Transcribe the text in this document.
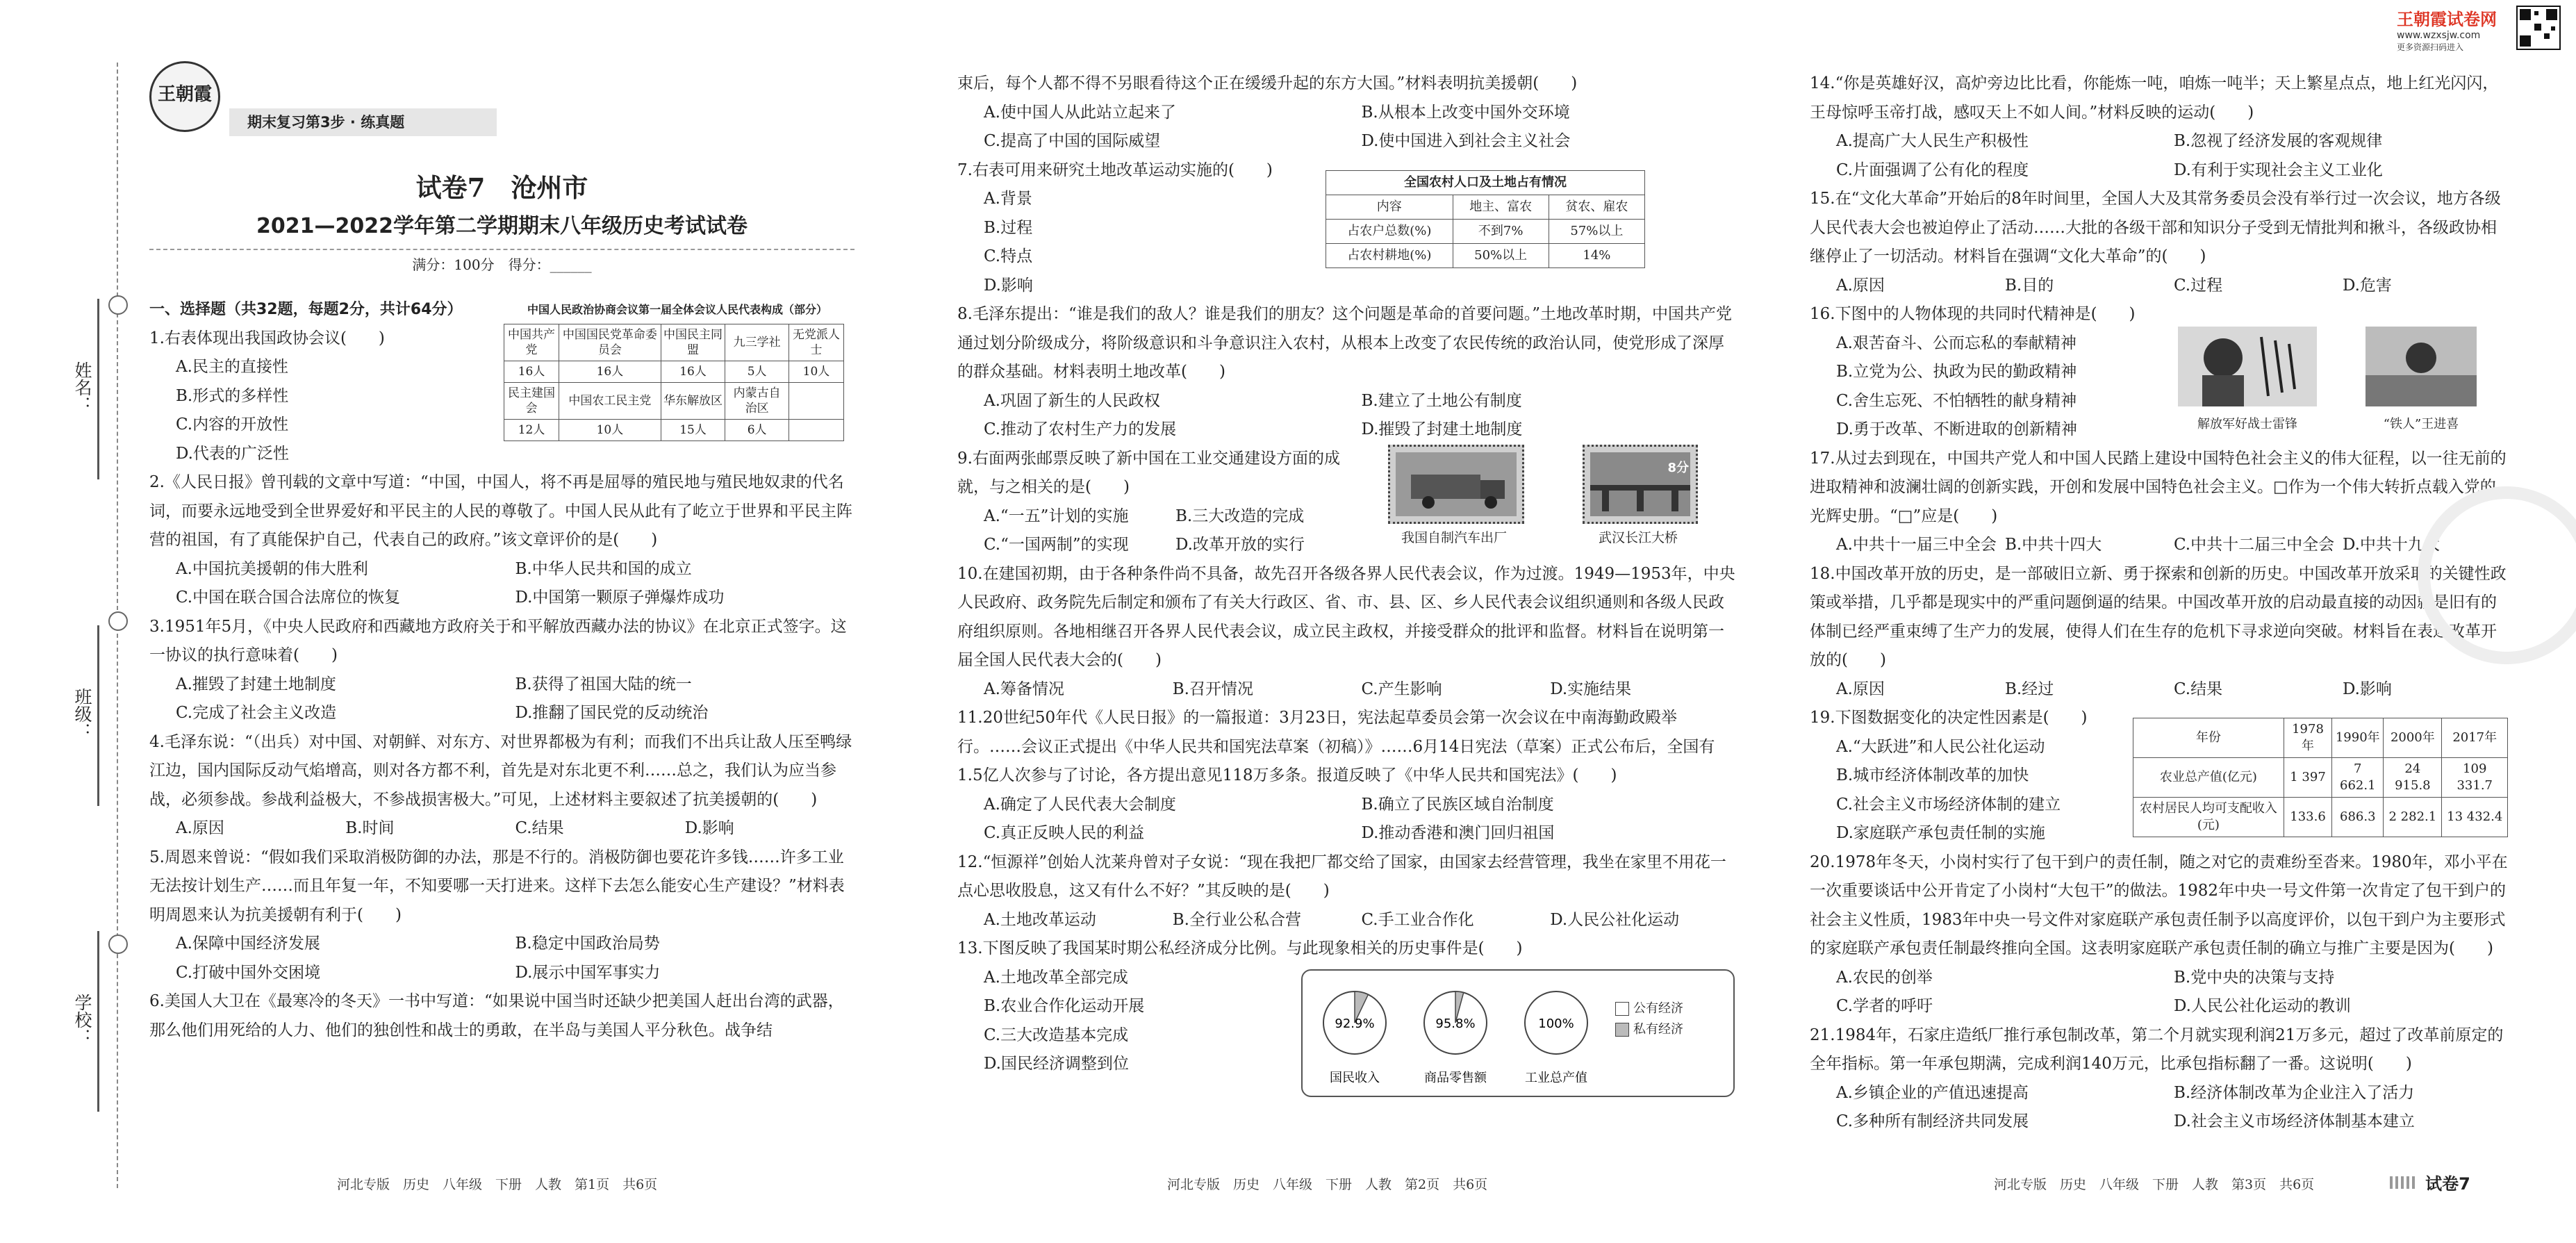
姓名：
班级：
学校：
王朝霞
期末复习第3步 · 练真题
试卷7　沧州市
2021—2022学年第二学期期末八年级历史考试试卷
满分：100分　得分：______
一、选择题（共32题，每题2分，共计64分）

1.右表体现出我国政协会议(　　)

A.民主的直接性
B.形式的多样性
C.内容的开放性
D.代表的广泛性
中国人民政治协商会议第一届全体会议人民代表构成（部分）
中国共产党	中国国民党革命委员会	中国民主同盟	九三学社	无党派人士
16人	16人	16人	5人	10人
民主建国会	中国农工民主党	华东解放区	内蒙古自治区	
12人	10人	15人	6人	

2.《人民日报》曾刊载的文章中写道：“中国，中国人，将不再是屈辱的殖民地与殖民地奴隶的代名词，而要永远地受到全世界爱好和平民主的人民的尊敬了。中国人民从此有了屹立于世界和平民主阵营的祖国，有了真能保护自己，代表自己的政府。”该文章评价的是(　　)

A.中国抗美援朝的伟大胜利	B.中华人民共和国的成立
C.中国在联合国合法席位的恢复	D.中国第一颗原子弹爆炸成功

3.1951年5月，《中央人民政府和西藏地方政府关于和平解放西藏办法的协议》在北京正式签字。这一协议的执行意味着(　　)

A.摧毁了封建土地制度	B.获得了祖国大陆的统一
C.完成了社会主义改造	D.推翻了国民党的反动统治

4.毛泽东说：“（出兵）对中国、对朝鲜、对东方、对世界都极为有利；而我们不出兵让敌人压至鸭绿江边，国内国际反动气焰增高，则对各方都不利，首先是对东北更不利……总之，我们认为应当参战，必须参战。参战利益极大，不参战损害极大。”可见，上述材料主要叙述了抗美援朝的(　　)

A.原因	B.时间	C.结果	D.影响

5.周恩来曾说：“假如我们采取消极防御的办法，那是不行的。消极防御也要花许多钱……许多工业无法按计划生产……而且年复一年，不知要哪一天打进来。这样下去怎么能安心生产建设？”材料表明周恩来认为抗美援朝有利于(　　)

A.保障中国经济发展	B.稳定中国政治局势
C.打破中国外交困境	D.展示中国军事实力

6.美国人大卫在《最寒冷的冬天》一书中写道：“如果说中国当时还缺少把美国人赶出台湾的武器，那么他们用死给的人力、他们的独创性和战士的勇敢，在半岛与美国人平分秋色。战争结

束后，每个人都不得不另眼看待这个正在缓缓升起的东方大国。”材料表明抗美援朝(　　)

A.使中国人从此站立起来了	B.从根本上改变中国外交环境
C.提高了中国的国际威望	D.使中国进入到社会主义社会

7.右表可用来研究土地改革运动实施的(　　)

A.背景
B.过程
C.特点
D.影响
全国农村人口及土地占有情况		
内容	地主、富农	贫农、雇农
占农户总数(%)	不到7%	57%以上
占农村耕地(%)	50%以上	14%

8.毛泽东提出：“谁是我们的敌人？谁是我们的朋友？这个问题是革命的首要问题。”土地改革时期，中国共产党通过划分阶级成分，将阶级意识和斗争意识注入农村，从根本上改变了农民传统的政治认同，使党形成了深厚的群众基础。材料表明土地改革(　　)

A.巩固了新生的人民政权	B.建立了土地公有制度
C.推动了农村生产力的发展	D.摧毁了封建土地制度

9.右面两张邮票反映了新中国在工业交通建设方面的成就，与之相关的是(　　)

A.“一五”计划的实施	B.三大改造的完成
C.“一国两制”的实现	D.改革开放的实行	我国自制汽车出厂
8分
武汉长江大桥

10.在建国初期，由于各种条件尚不具备，故先召开各级各界人民代表会议，作为过渡。1949—1953年，中央人民政府、政务院先后制定和颁布了有关大行政区、省、市、县、区、乡人民代表会议组织通则和各级人民政府组织原则。各地相继召开各界人民代表会议，成立民主政权，并接受群众的批评和监督。材料旨在说明第一届全国人民代表大会的(　　)

A.筹备情况	B.召开情况	C.产生影响	D.实施结果

11.20世纪50年代《人民日报》的一篇报道：3月23日，宪法起草委员会第一次会议在中南海勤政殿举行。……会议正式提出《中华人民共和国宪法草案（初稿）》……6月14日宪法（草案）正式公布后，全国有1.5亿人次参与了讨论，各方提出意见118万多条。报道反映了《中华人民共和国宪法》(　　)

A.确定了人民代表大会制度	B.确立了民族区域自治制度
C.真正反映人民的利益	D.推动香港和澳门回归祖国

12.“恒源祥”创始人沈莱舟曾对子女说：“现在我把厂都交给了国家，由国家去经营管理，我坐在家里不用花一点心思收股息，这又有什么不好？”其反映的是(　　)

A.土地改革运动	B.全行业公私合营	C.手工业合作化	D.人民公社化运动

13.下图反映了我国某时期公私经济成分比例。与此现象相关的历史事件是(　　)

A.土地改革全部完成
B.农业合作化运动开展
C.三大改造基本完成
D.国民经济调整到位
92.9%
国民收入
95.8%
商品零售额
100%
工业总产值
公有经济
私有经济

14.“你是英雄好汉，高炉旁边比比看，你能炼一吨，咱炼一吨半；天上繁星点点，地上红光闪闪，王母惊呼玉帝打战，感叹天上不如人间。”材料反映的运动(　　)

A.提高广大人民生产积极性	B.忽视了经济发展的客观规律
C.片面强调了公有化的程度	D.有利于实现社会主义工业化

15.在“文化大革命”开始后的8年时间里，全国人大及其常务委员会没有举行过一次会议，地方各级人民代表大会也被迫停止了活动……大批的各级干部和知识分子受到无情批判和揪斗，各级政协相继停止了一切活动。材料旨在强调“文化大革命”的(　　)

A.原因	B.目的	C.过程	D.危害

16.下图中的人物体现的共同时代精神是(　　)

A.艰苦奋斗、公而忘私的奉献精神
B.立党为公、执政为民的勤政精神
C.舍生忘死、不怕牺牲的献身精神
D.勇于改革、不断进取的创新精神	解放军好战士雷锋	“铁人”王进喜

17.从过去到现在，中国共产党人和中国人民踏上建设中国特色社会主义的伟大征程，以一往无前的进取精神和波澜壮阔的创新实践，开创和发展中国特色社会主义。□作为一个伟大转折点载入党的光辉史册。“□”应是(　　)

A.中共十一届三中全会 B.中共十四大	C.中共十二届三中全会 D.中共十九大

18.中国改革开放的历史，是一部破旧立新、勇于探索和创新的历史。中国改革开放采取的关键性政策或举措，几乎都是现实中的严重问题倒逼的结果。中国改革开放的启动最直接的动因就是旧有的体制已经严重束缚了生产力的发展，使得人们在生存的危机下寻求逆向突破。材料旨在表述改革开放的(　　)

A.原因	B.经过	C.结果	D.影响

19.下图数据变化的决定性因素是(　　)

A.“大跃进”和人民公社化运动
B.城市经济体制改革的加快
C.社会主义市场经济体制的建立
D.家庭联产承包责任制的实施
年份	1978年	1990年	2000年	2017年
农业总产值(亿元)	1 397	7 662.1	24 915.8	109 331.7
农村居民人均可支配收入(元)	133.6	686.3	2 282.1	13 432.4

20.1978年冬天，小岗村实行了包干到户的责任制，随之对它的责难纷至沓来。1980年，邓小平在一次重要谈话中公开肯定了小岗村“大包干”的做法。1982年中央一号文件第一次肯定了包干到户的社会主义性质，1983年中央一号文件对家庭联产承包责任制予以高度评价，以包干到户为主要形式的家庭联产承包责任制最终推向全国。这表明家庭联产承包责任制的确立与推广主要是因为(　　)

A.农民的创举	B.党中央的决策与支持
C.学者的呼吁	D.人民公社化运动的教训

21.1984年，石家庄造纸厂推行承包制改革，第二个月就实现利润21万多元，超过了改革前原定的全年指标。第一年承包期满，完成利润140万元，比承包指标翻了一番。这说明(　　)

A.乡镇企业的产值迅速提高	B.经济体制改革为企业注入了活力
C.多种所有制经济共同发展	D.社会主义市场经济体制基本建立
王朝霞试卷网
www.wzxsjw.com
更多资源扫码进入
河北专版　历史　八年级　下册　人教　第1页　共6页	河北专版　历史　八年级　下册　人教　第2页　共6页	河北专版　历史　八年级　下册　人教　第3页　共6页	试卷7
